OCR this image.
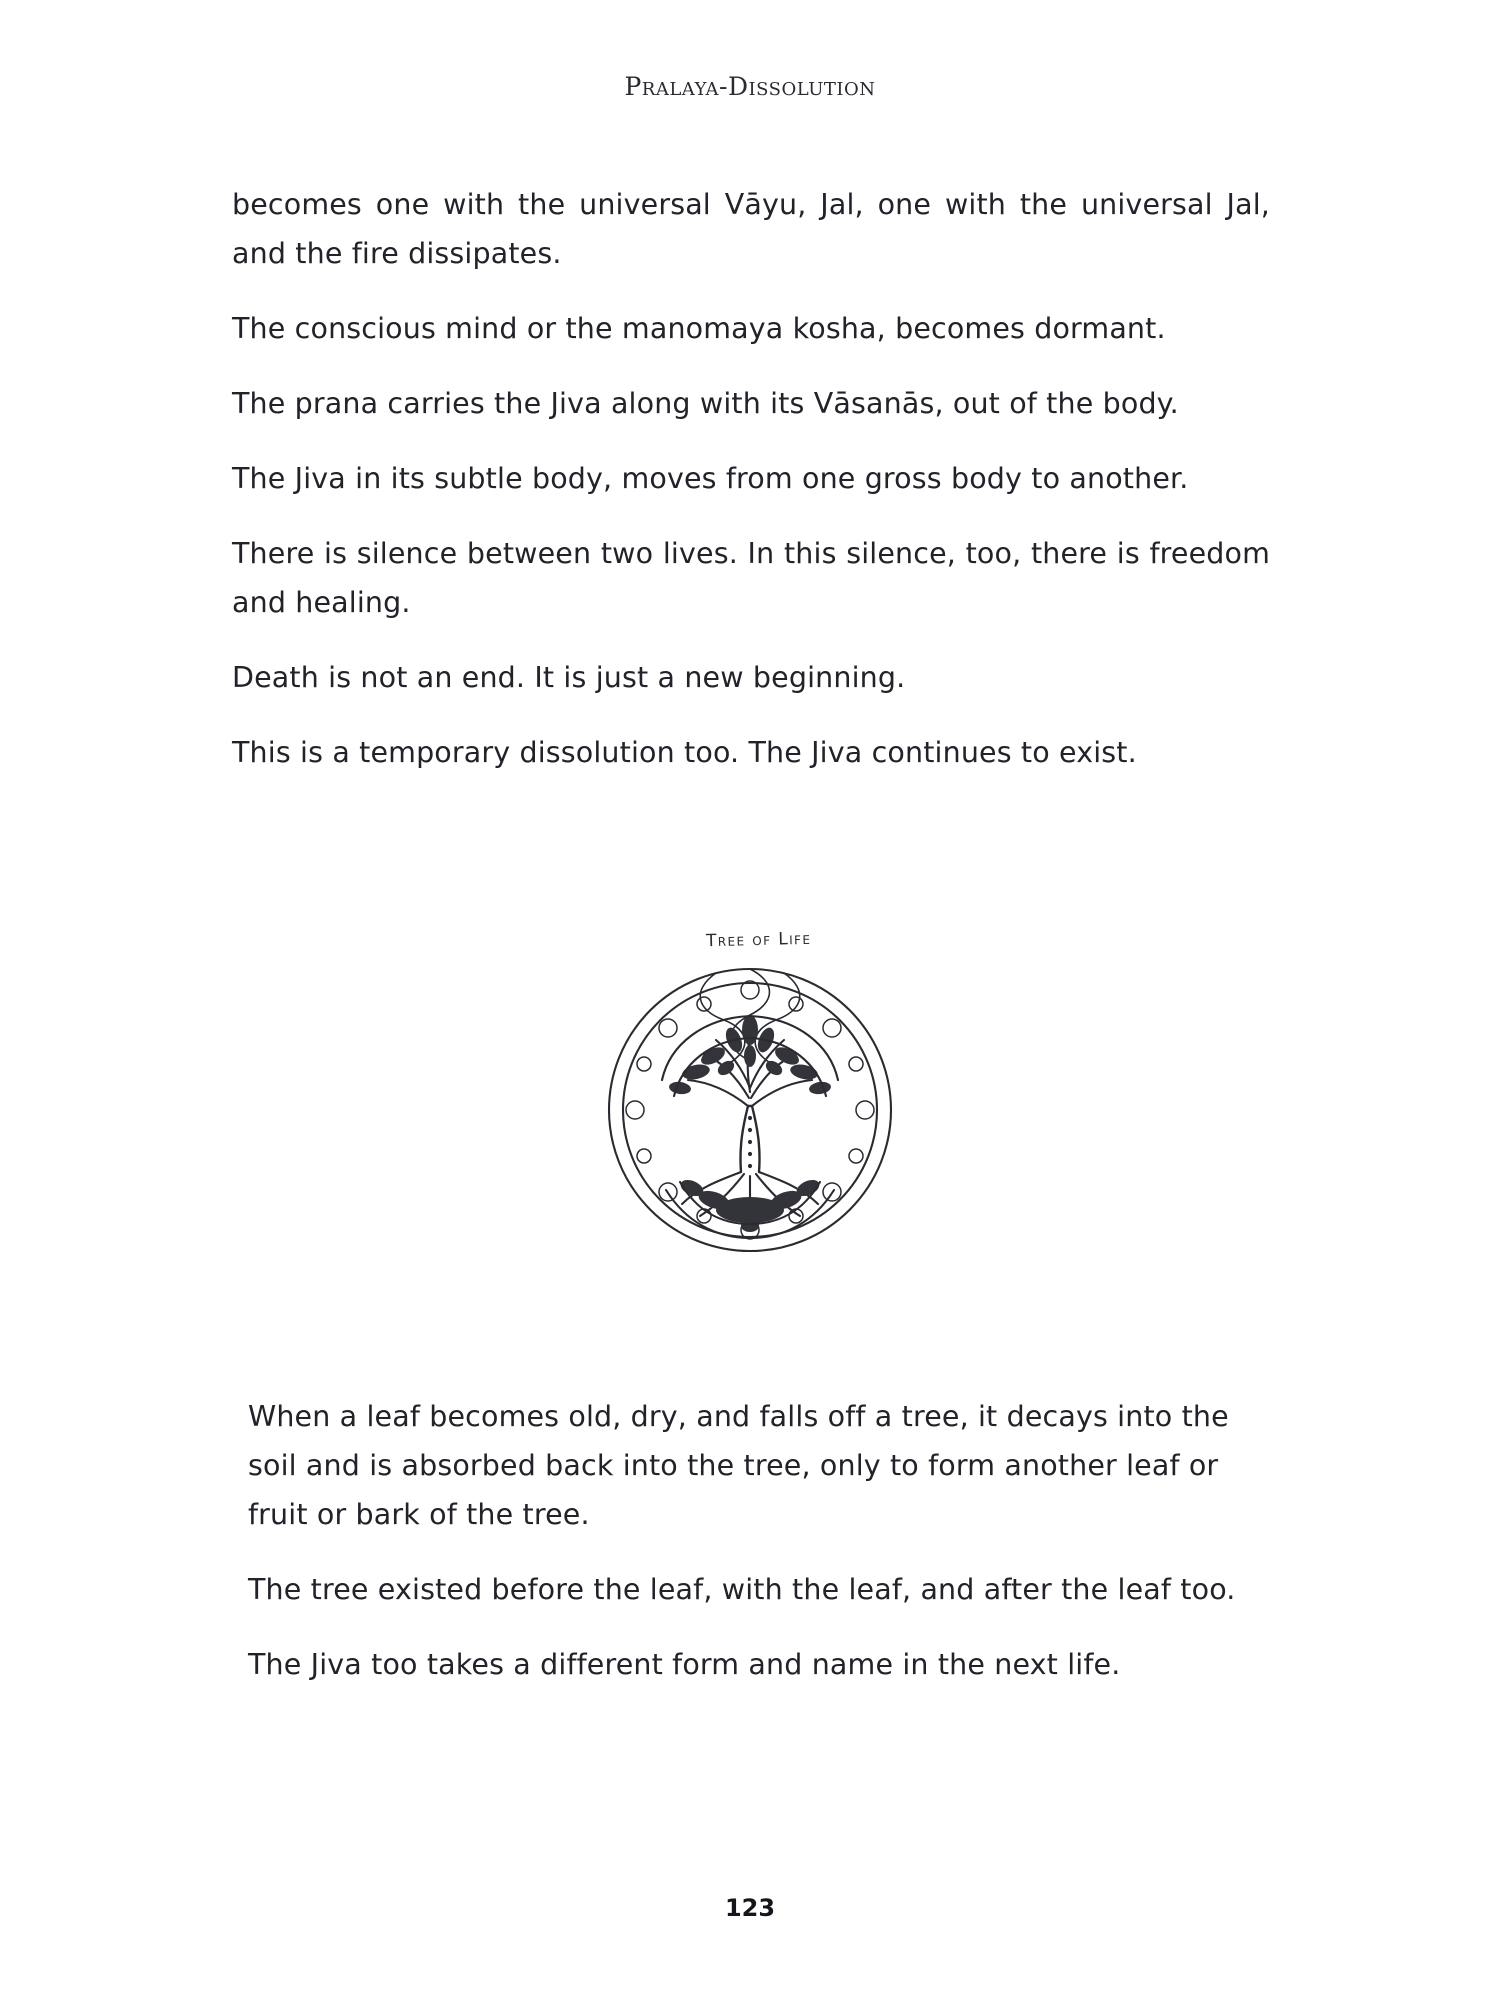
Pralaya-Dissolution

becomes one with the universal Vāyu, Jal, one with the universal Jal, and the fire dissipates.

The conscious mind or the manomaya kosha, becomes dormant.

The prana carries the Jiva along with its Vāsanās, out of the body.

The Jiva in its subtle body, moves from one gross body to another.

There is silence between two lives. In this silence, too, there is freedom and healing.

Death is not an end. It is just a new beginning.

This is a temporary dissolution too. The Jiva continues to exist.

Tree of Life

When a leaf becomes old, dry, and falls off a tree, it decays into the soil and is absorbed back into the tree, only to form another leaf or fruit or bark of the tree.

The tree existed before the leaf, with the leaf, and after the leaf too.

The Jiva too takes a different form and name in the next life.

123
